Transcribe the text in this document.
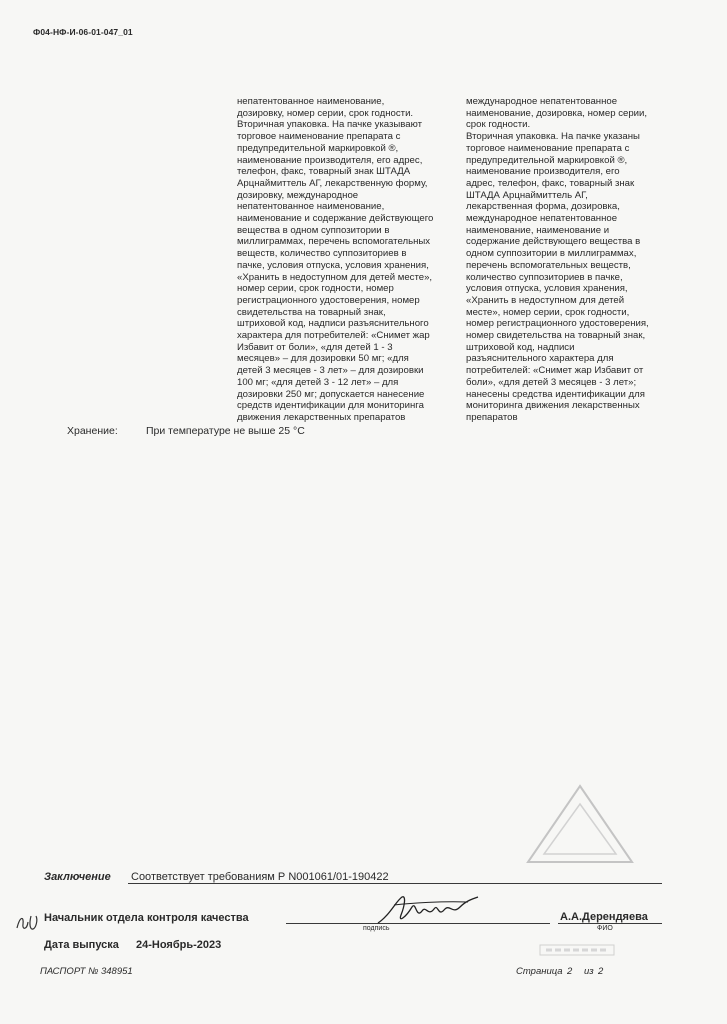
Ф04-НФ-И-06-01-047_01
непатентованное наименование,
дозировку, номер серии, срок годности.
Вторичная упаковка. На пачке указывают
торговое наименование препарата с
предупредительной маркировкой ®,
наименование производителя, его адрес,
телефон, факс, товарный знак ШТАДА
Арцнаймиттель АГ, лекарственную форму,
дозировку, международное
непатентованное наименование,
наименование и содержание действующего
вещества в одном суппозитории в
миллиграммах, перечень вспомогательных
веществ, количество суппозиториев в
пачке, условия отпуска, условия хранения,
«Хранить в недоступном для детей месте»,
номер серии, срок годности, номер
регистрационного удостоверения, номер
свидетельства на товарный знак,
штриховой код, надписи разъяснительного
характера для потребителей: «Снимет жар
Избавит от боли», «для детей 1 - 3
месяцев» – для дозировки 50 мг; «для
детей 3 месяцев - 3 лет» – для дозировки
100 мг; «для детей 3 - 12 лет» – для
дозировки 250 мг; допускается нанесение
средств идентификации для мониторинга
движения лекарственных препаратов
международное непатентованное
наименование, дозировка, номер серии,
срок годности.
Вторичная упаковка. На пачке указаны
торговое наименование препарата с
предупредительной маркировкой ®,
наименование производителя, его
адрес, телефон, факс, товарный знак
ШТАДА Арцнаймиттель АГ,
лекарственная форма, дозировка,
международное непатентованное
наименование, наименование и
содержание действующего вещества в
одном суппозитории в миллиграммах,
перечень вспомогательных веществ,
количество суппозиториев в пачке,
условия отпуска, условия хранения,
«Хранить в недоступном для детей
месте», номер серии, срок годности,
номер регистрационного удостоверения,
номер свидетельства на товарный знак,
штриховой код, надписи
разъяснительного характера для
потребителей: «Снимет жар Избавит от
боли», «для детей 3 месяцев - 3 лет»;
нанесены средства идентификации для
мониторинга движения лекарственных
препаратов
Хранение:	При температуре не выше 25 °С
Заключение Соответствует требованиям Р N001061/01-190422
Начальник отдела контроля качества
подпись
А.А.Дерендяева
ФИО
Дата выпуска 24-Ноябрь-2023
ПАСПОРТ № 348951	Страница 2 из 2
